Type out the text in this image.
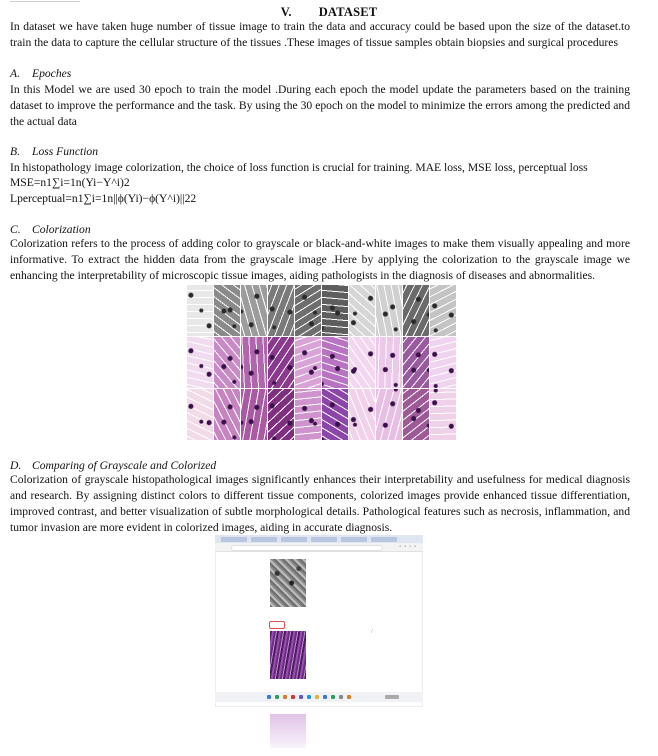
V. DATASET

In dataset we have taken huge number of tissue image to train the data and accuracy could be based upon the size of the dataset.to train the data to capture the cellular structure of the tissues .These images of tissue samples obtain biopsies and surgical procedures

A. Epoches

In this Model we are used 30 epoch to train the model .During each epoch the model update the parameters based on the training dataset to improve the performance and the task. By using the 30 epoch on the model to minimize the errors among the predicted and the actual data

B. Loss Function

In histopathology image colorization, the choice of loss function is crucial for training. MAE loss, MSE loss, perceptual loss

MSE=n1∑i=1n(Yi−Y^i)2
Lperceptual=n1∑i=1n||ϕ(Yi)−ϕ(Y^i)||22

C. Colorization

Colorization refers to the process of adding color to grayscale or black-and-white images to make them visually appealing and more informative. To extract the hidden data from the grayscale image .Here by applying the colorization to the grayscale image we enhancing the interpretability of microscopic tissue images, aiding pathologists in the diagnosis of diseases and abnormalities.

D. Comparing of Grayscale and Colorized

Colorization of grayscale histopathological images significantly enhances their interpretability and usefulness for medical diagnosis and research. By assigning distinct colors to different tissue components, colorized images provide enhanced tissue differentiation, improved contrast, and better visualization of subtle morphological details. Pathological features such as necrosis, inflammation, and tumor invasion are more evident in colorized images, aiding in accurate diagnosis.

• • • •
/
